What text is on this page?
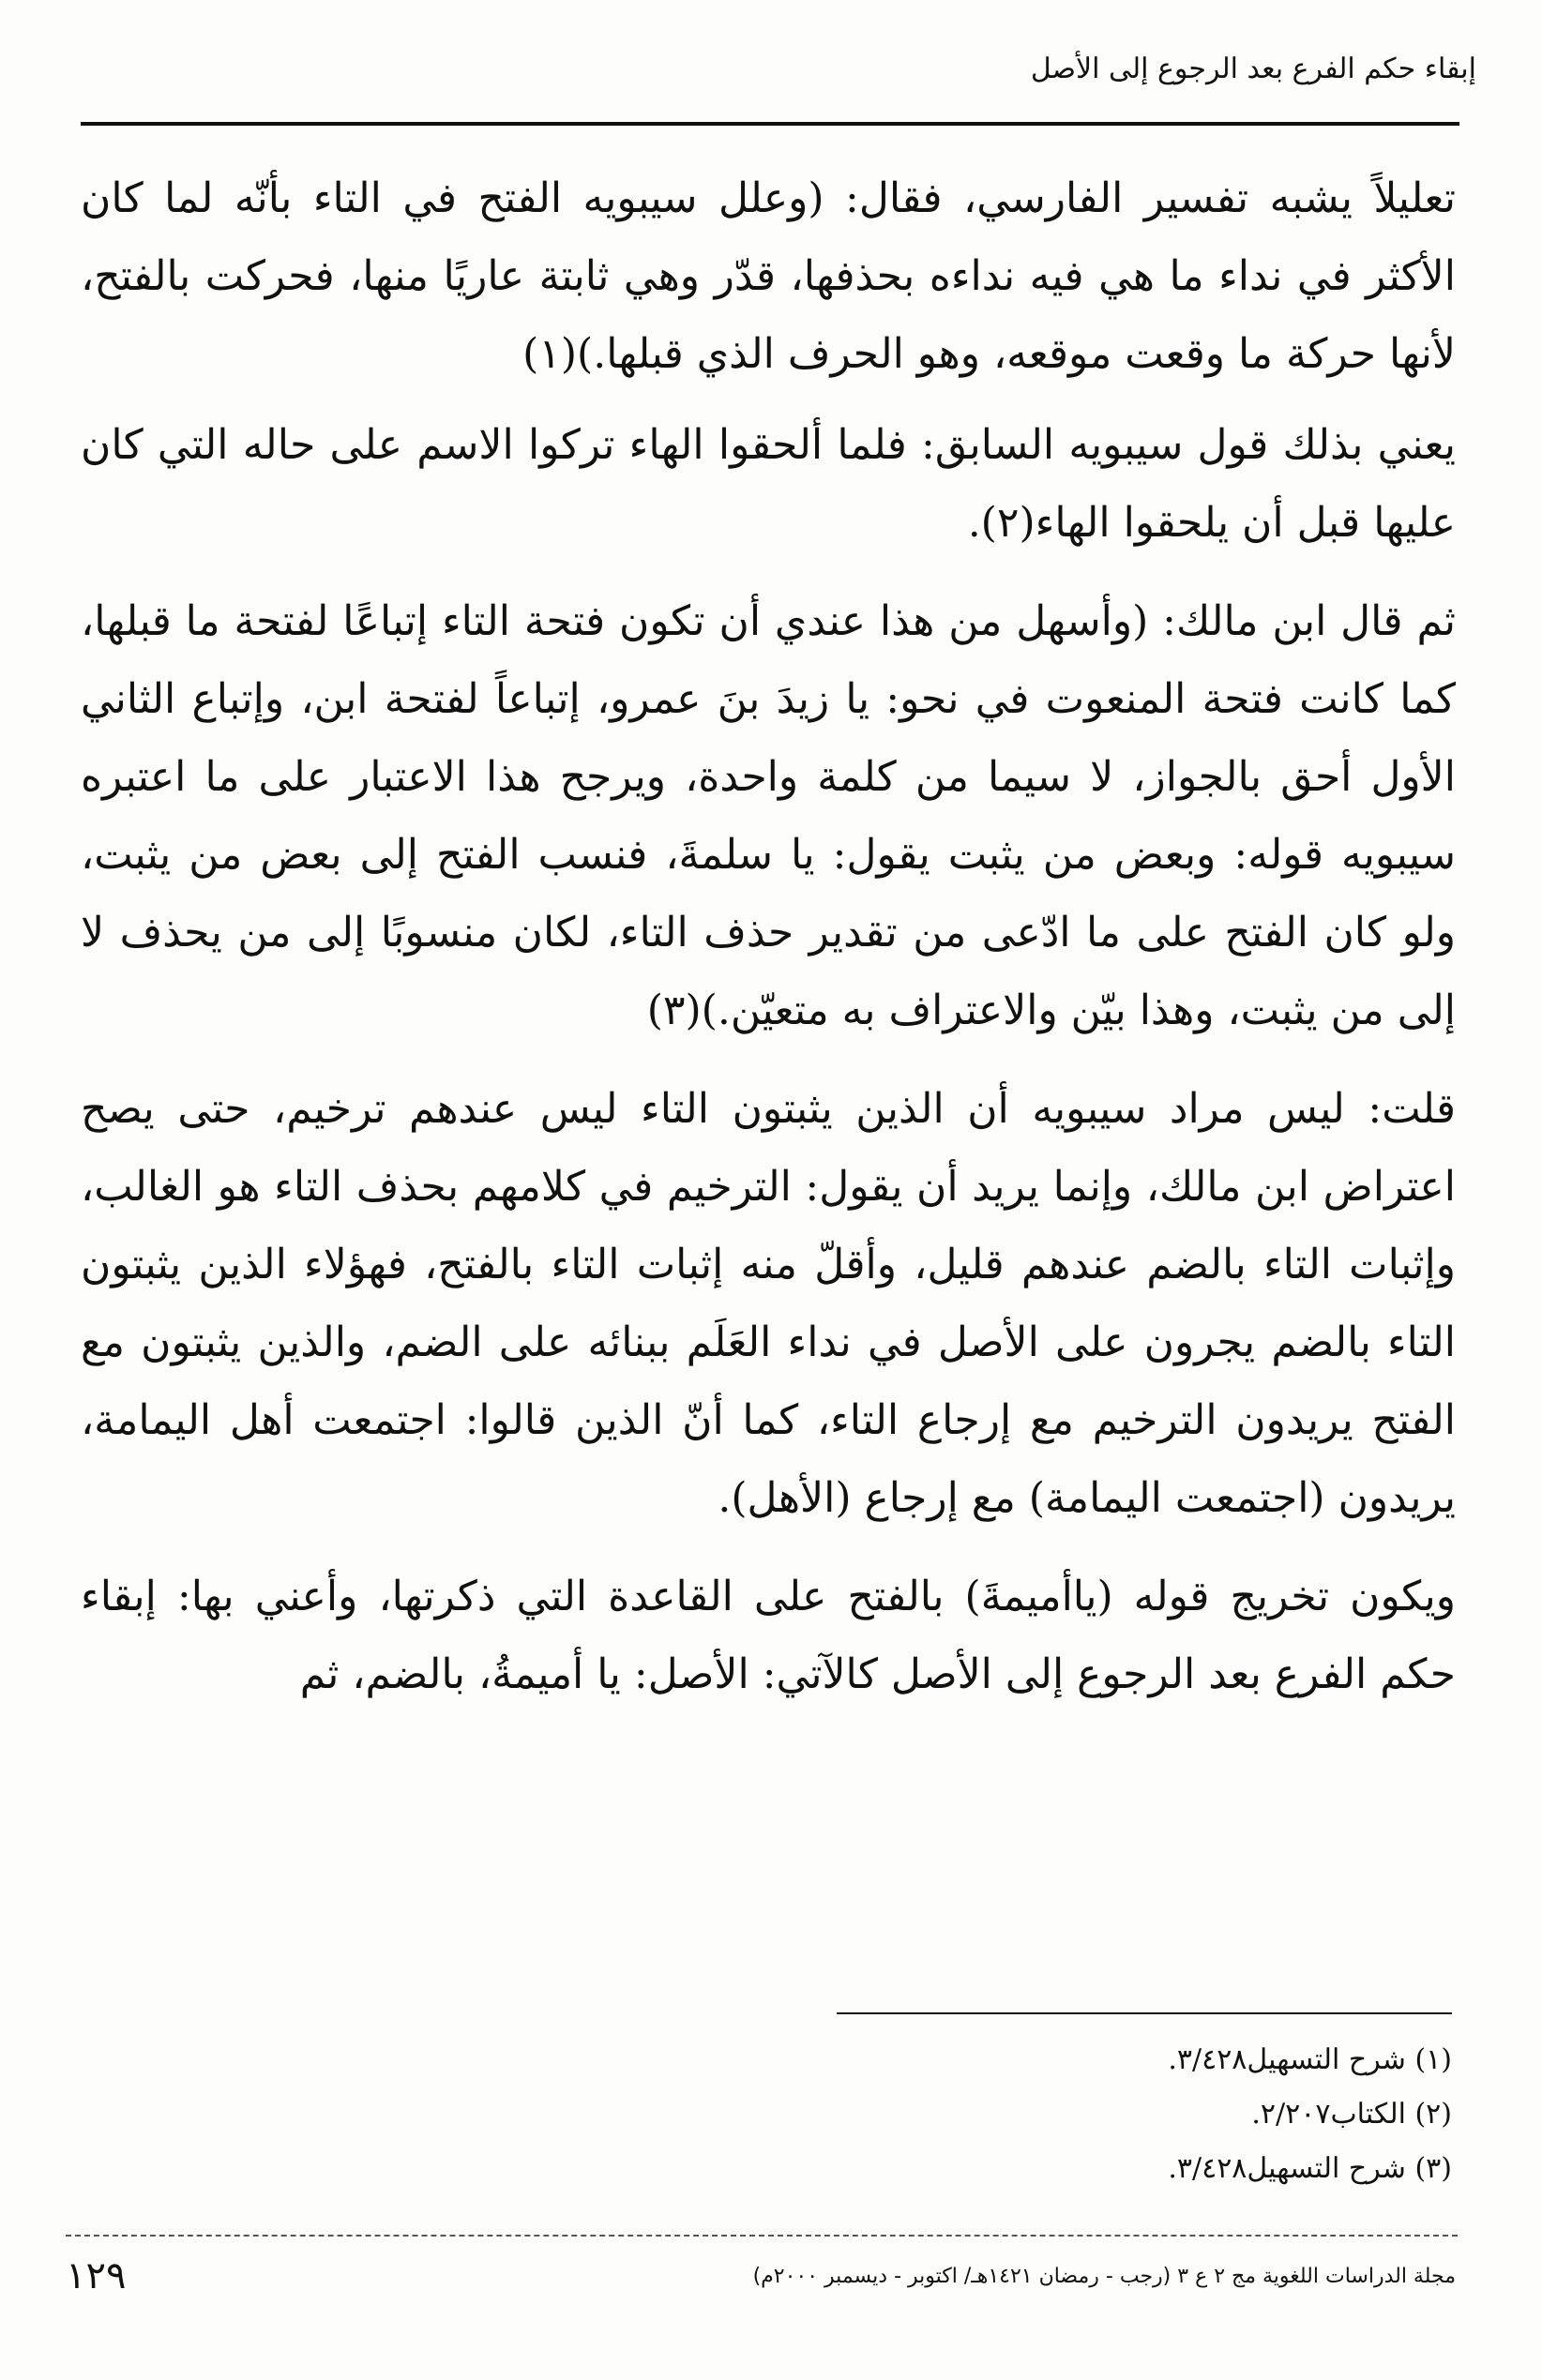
إبقاء حكم الفرع بعد الرجوع إلى الأصل

تعليلاً يشبه تفسير الفارسي، فقال: (وعلل سيبويه الفتح في التاء بأنّه لما كان الأكثر في نداء ما هي فيه نداءه بحذفها، قدّر وهي ثابتة عاريًا منها، فحركت بالفتح، لأنها حركة ما وقعت موقعه، وهو الحرف الذي قبلها.)(١)

يعني بذلك قول سيبويه السابق: فلما ألحقوا الهاء تركوا الاسم على حاله التي كان عليها قبل أن يلحقوا الهاء(٢).

ثم قال ابن مالك: (وأسهل من هذا عندي أن تكون فتحة التاء إتباعًا لفتحة ما قبلها، كما كانت فتحة المنعوت في نحو: يا زيدَ بنَ عمرو، إتباعاً لفتحة ابن، وإتباع الثاني الأول أحق بالجواز، لا سيما من كلمة واحدة، ويرجح هذا الاعتبار على ما اعتبره سيبويه قوله: وبعض من يثبت يقول: يا سلمةَ، فنسب الفتح إلى بعض من يثبت، ولو كان الفتح على ما ادّعى من تقدير حذف التاء، لكان منسوبًا إلى من يحذف لا إلى من يثبت، وهذا بيّن والاعتراف به متعيّن.)(٣)

قلت: ليس مراد سيبويه أن الذين يثبتون التاء ليس عندهم ترخيم، حتى يصح اعتراض ابن مالك، وإنما يريد أن يقول: الترخيم في كلامهم بحذف التاء هو الغالب، وإثبات التاء بالضم عندهم قليل، وأقلّ منه إثبات التاء بالفتح، فهؤلاء الذين يثبتون التاء بالضم يجرون على الأصل في نداء العَلَم ببنائه على الضم، والذين يثبتون مع الفتح يريدون الترخيم مع إرجاع التاء، كما أنّ الذين قالوا: اجتمعت أهل اليمامة، يريدون (اجتمعت اليمامة) مع إرجاع (الأهل).

ويكون تخريج قوله (ياأميمةَ) بالفتح على القاعدة التي ذكرتها، وأعني بها: إبقاء حكم الفرع بعد الرجوع إلى الأصل كالآتي: الأصل: يا أميمةُ، بالضم، ثم

(١) شرح التسهيل٣/٤٢٨.
(٢) الكتاب٢/٢٠٧.
(٣) شرح التسهيل٣/٤٢٨.
مجلة الدراسات اللغوية مج ٢ ع ٣ (رجب - رمضان ١٤٢١هـ/ اكتوبر - ديسمبر ٢٠٠٠م)
١٢٩
